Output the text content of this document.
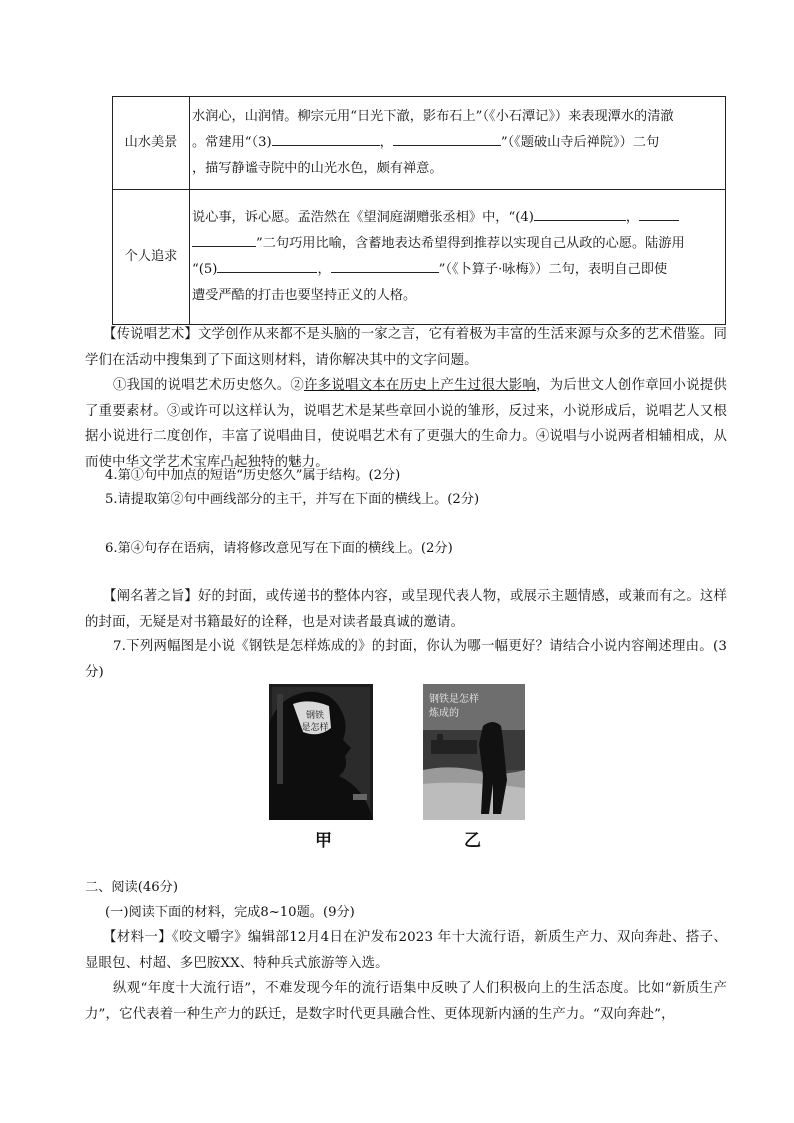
山水美景	水润心，山润情。柳宗元用“日光下澈，影布石上”（《小石潭记》）来表现潭水的清澈
。常建用“（3) ， ”（《题破山寺后禅院》）二句
，描写静谧寺院中的山光水色，颇有禅意。

个人追求	说心事，诉心愿。孟浩然在《望洞庭湖赠张丞相》中，“(4) ，
”二句巧用比喻，含蓄地表达希望得到推荐以实现自己从政的心愿。陆游用
“(5) ， ”（《卜算子·咏梅》）二句，表明自己即使
遭受严酷的打击也要坚持正义的人格。
【传说唱艺术】文学创作从来都不是头脑的一家之言，它有着极为丰富的生活来源与众多的艺术借鉴。同学们在活动中搜集到了下面这则材料，请你解决其中的文字问题。
①我国的说唱艺术历史悠久。②许多说唱文本在历史上产生过很大影响，为后世文人创作章回小说提供了重要素材。③或许可以这样认为，说唱艺术是某些章回小说的雏形，反过来，小说形成后，说唱艺人又根据小说进行二度创作，丰富了说唱曲目，使说唱艺术有了更强大的生命力。④说唱与小说两者相辅相成，从而使中华文学艺术宝库凸起独特的魅力。
4.第①句中加点的短语“历史悠久”属于结构。(2分)
5.请提取第②句中画线部分的主干，并写在下面的横线上。(2分)
6.第④句存在语病，请将修改意见写在下面的横线上。(2分)
【阐名著之旨】好的封面，或传递书的整体内容，或呈现代表人物，或展示主题情感，或兼而有之。这样的封面，无疑是对书籍最好的诠释，也是对读者最真诚的邀请。
7.下列两幅图是小说《钢铁是怎样炼成的》的封面，你认为哪一幅更好？请结合小说内容阐述理由。(3分)
钢铁
是怎样
甲
钢铁是怎样
炼成的
乙
二、阅读(46分)
(一)阅读下面的材料，完成8~10题。(9分)
【材料一】《咬文嚼字》编辑部12月4日在沪发布2023 年十大流行语，新质生产力、双向奔赴、搭子、显眼包、村超、多巴胺XX、特种兵式旅游等入选。
纵观“年度十大流行语”，不难发现今年的流行语集中反映了人们积极向上的生活态度。比如“新质生产力”，它代表着一种生产力的跃迁，是数字时代更具融合性、更体现新内涵的生产力。“双向奔赴”，
